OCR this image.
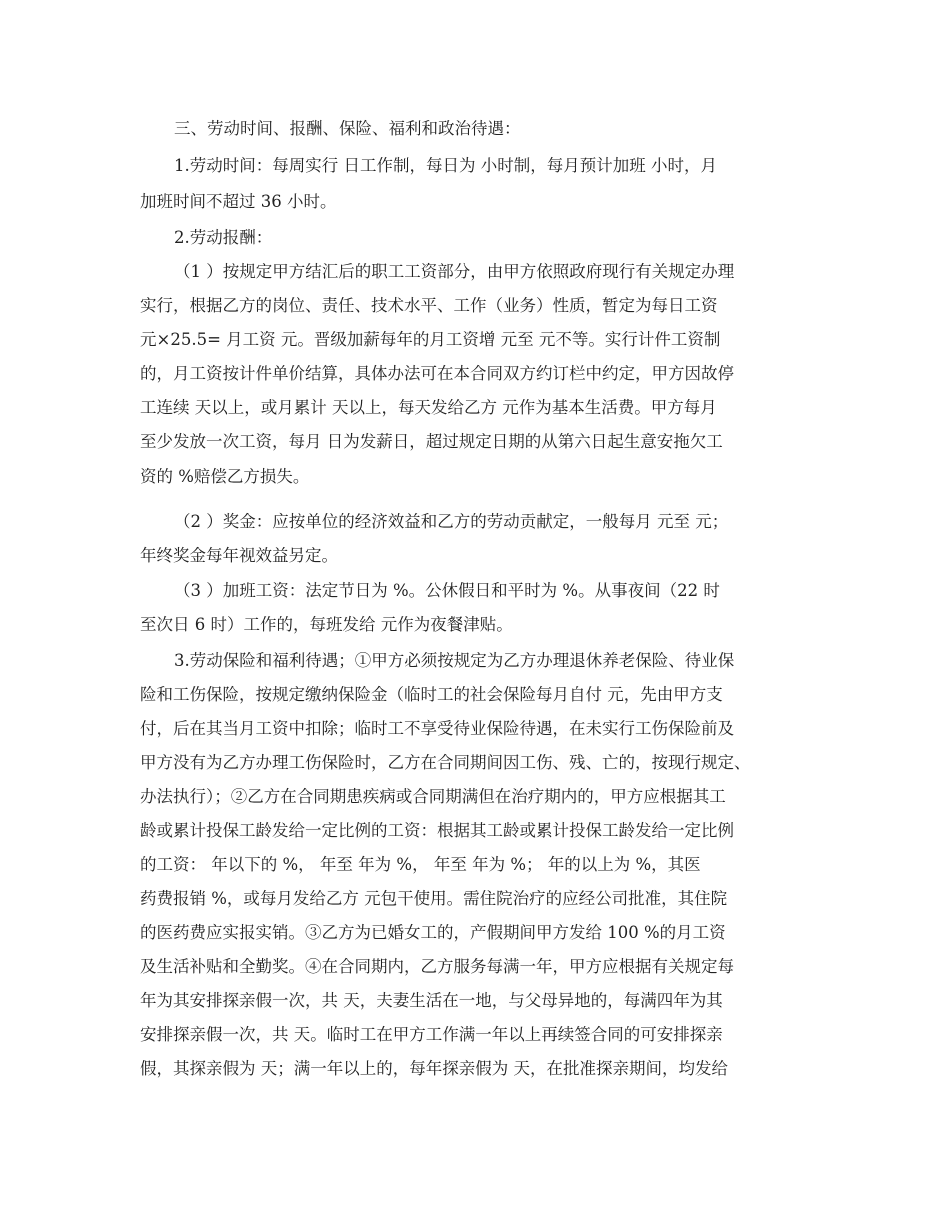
三、劳动时间、报酬、保险、福利和政治待遇：
1.劳动时间：每周实行 日工作制，每日为 小时制，每月预计加班 小时，月
加班时间不超过 36 小时。
2.劳动报酬：
（1 ）按规定甲方结汇后的职工工资部分，由甲方依照政府现行有关规定办理
实行，根据乙方的岗位、责任、技术水平、工作（业务）性质，暂定为每日工资
元×25.5= 月工资 元。晋级加薪每年的月工资增 元至 元不等。实行计件工资制
的，月工资按计件单价结算，具体办法可在本合同双方约订栏中约定，甲方因故停
工连续 天以上，或月累计 天以上，每天发给乙方 元作为基本生活费。甲方每月
至少发放一次工资，每月 日为发薪日，超过规定日期的从第六日起生意安拖欠工
资的 %赔偿乙方损失。
（2 ）奖金：应按单位的经济效益和乙方的劳动贡献定，一般每月 元至 元；
年终奖金每年视效益另定。
（3 ）加班工资：法定节日为 %。公休假日和平时为 %。从事夜间（22 时
至次日 6 时）工作的，每班发给 元作为夜餐津贴。
3.劳动保险和福利待遇；①甲方必须按规定为乙方办理退休养老保险、待业保
险和工伤保险，按规定缴纳保险金（临时工的社会保险每月自付 元，先由甲方支
付，后在其当月工资中扣除；临时工不享受待业保险待遇，在未实行工伤保险前及
甲方没有为乙方办理工伤保险时，乙方在合同期间因工伤、残、亡的，按现行规定、
办法执行）；②乙方在合同期患疾病或合同期满但在治疗期内的，甲方应根据其工
龄或累计投保工龄发给一定比例的工资：根据其工龄或累计投保工龄发给一定比例
的工资： 年以下的 %， 年至 年为 %， 年至 年为 %； 年的以上为 %，其医
药费报销 %，或每月发给乙方 元包干使用。需住院治疗的应经公司批准，其住院
的医药费应实报实销。③乙方为已婚女工的，产假期间甲方发给 100 %的月工资
及生活补贴和全勤奖。④在合同期内，乙方服务每满一年，甲方应根据有关规定每
年为其安排探亲假一次，共 天，夫妻生活在一地，与父母异地的，每满四年为其
安排探亲假一次，共 天。临时工在甲方工作满一年以上再续签合同的可安排探亲
假，其探亲假为 天；满一年以上的，每年探亲假为 天，在批准探亲期间，均发给
